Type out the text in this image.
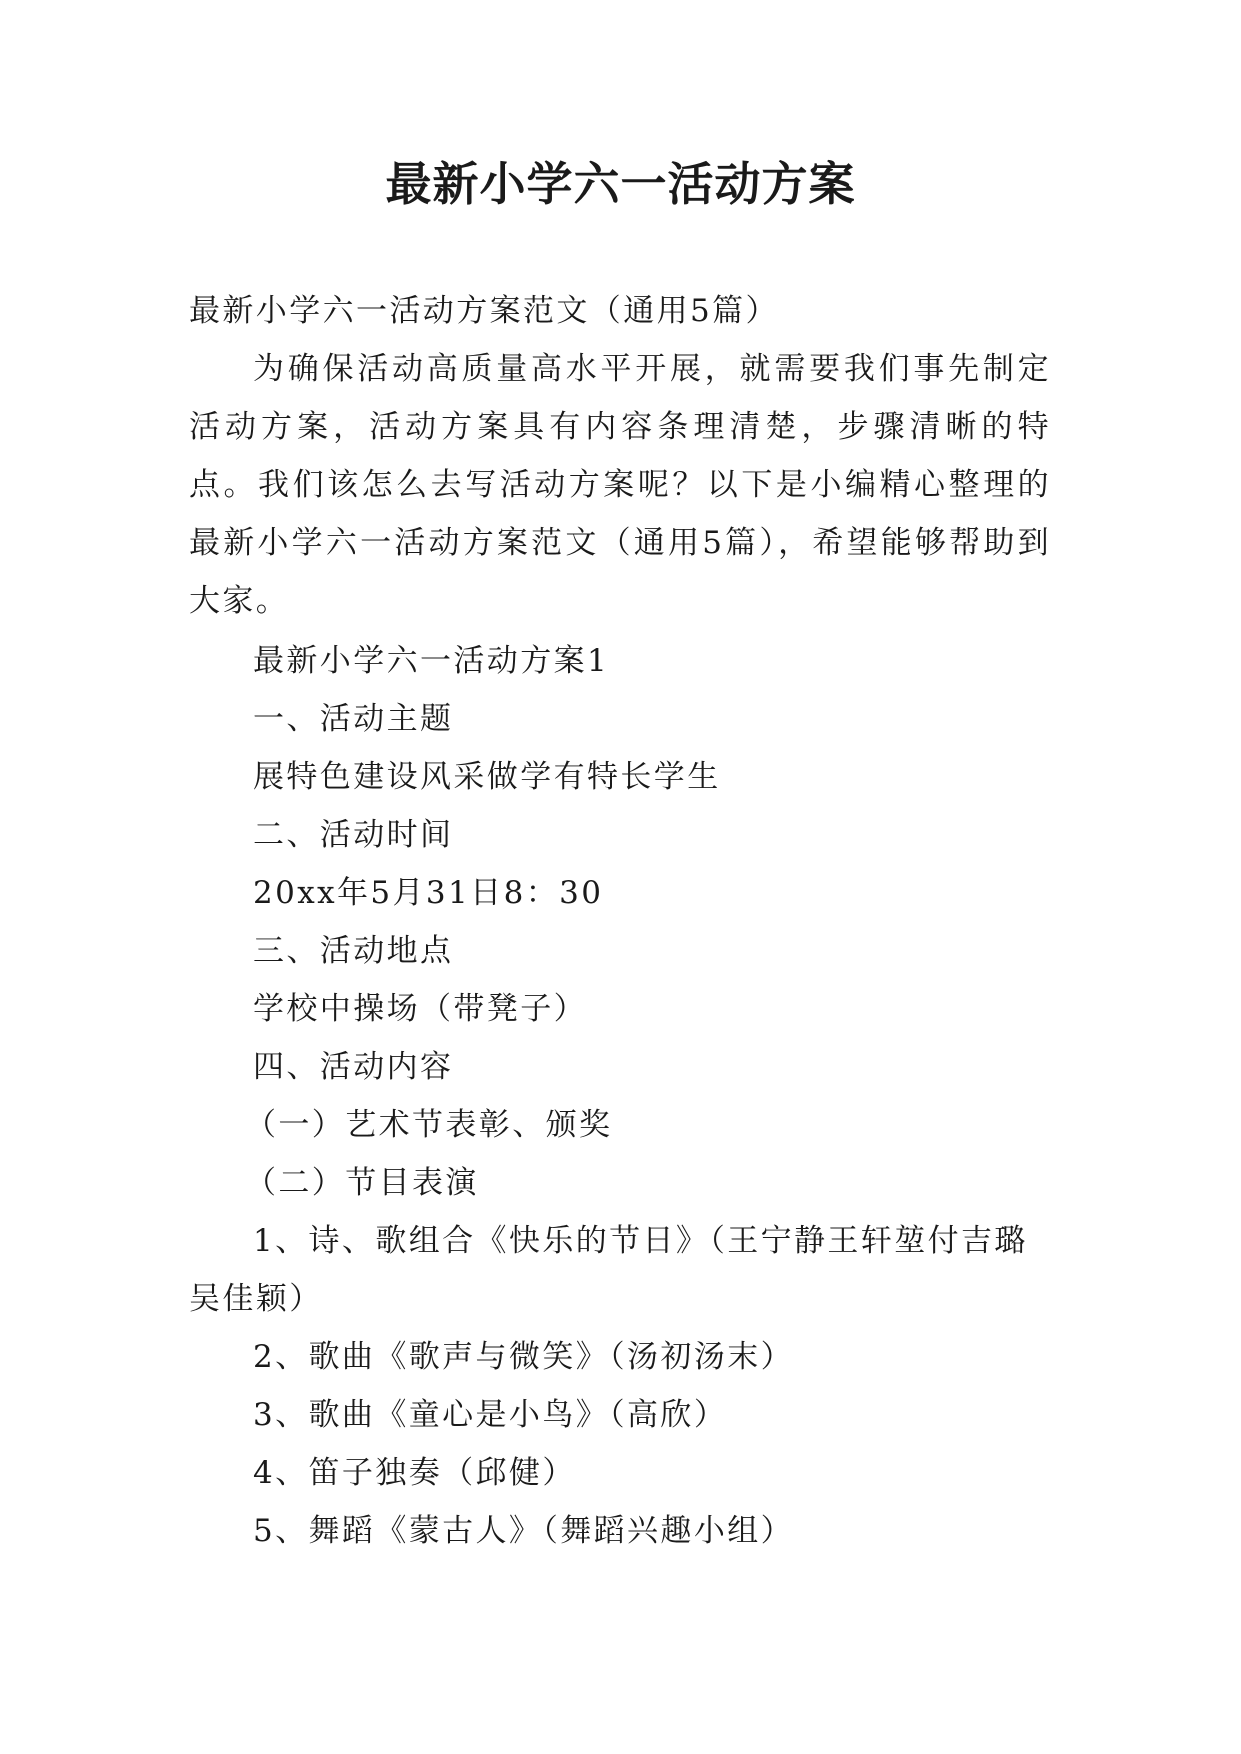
最新小学六一活动方案
最新小学六一活动方案范文（通用5篇）

为确保活动高质量高水平开展，就需要我们事先制定活动方案，活动方案具有内容条理清楚，步骤清晰的特点。我们该怎么去写活动方案呢？以下是小编精心整理的最新小学六一活动方案范文（通用5篇），希望能够帮助到大家。

最新小学六一活动方案1
一、活动主题
展特色建设风采做学有特长学生
二、活动时间
20xx年5月31日8：30
三、活动地点
学校中操场（带凳子）
四、活动内容
（一）艺术节表彰、颁奖
（二）节目表演
1、诗、歌组合《快乐的节日》（王宁静王轩堃付吉璐吴佳颖）
2、歌曲《歌声与微笑》（汤初汤末）
3、歌曲《童心是小鸟》（高欣）
4、笛子独奏（邱健）
5、舞蹈《蒙古人》（舞蹈兴趣小组）
